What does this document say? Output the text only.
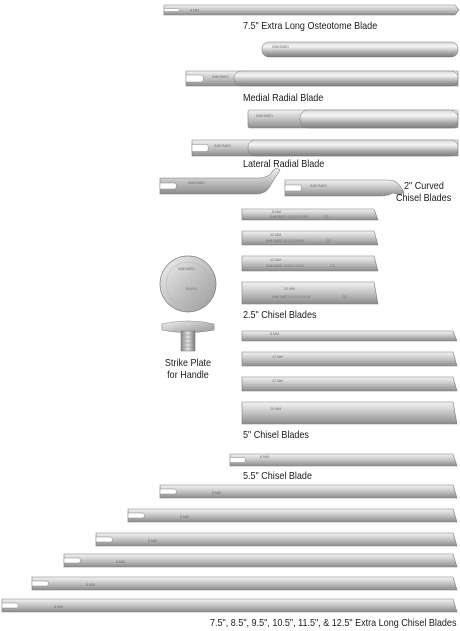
8 MM
INNOMED
INNOMED
INNOMED
INNOMED
INNOMED
INNOMED
8 MM
INNOMED 51223 XXXX	CE
12 MM
INNOMED 51223 XXXX	CE
12 MM
INNOMED 51224 XXXX	CE
20 MM
INNOMED 51225 XXXX	CE
INNOMED
5149-0
8 MM
12 MM
12 MM
20 MM
8 MM
8 MM
8 MM
8 MM
8 MM
8 MM
8 MM
7.5" Extra Long Osteotome Blade
Medial Radial Blade
Lateral Radial Blade
2" Curved
Chisel Blades
2.5" Chisel Blades
Strike Plate
for Handle
5" Chisel Blades
5.5" Chisel Blade
7.5", 8.5", 9.5", 10.5", 11.5", & 12.5" Extra Long Chisel Blades
